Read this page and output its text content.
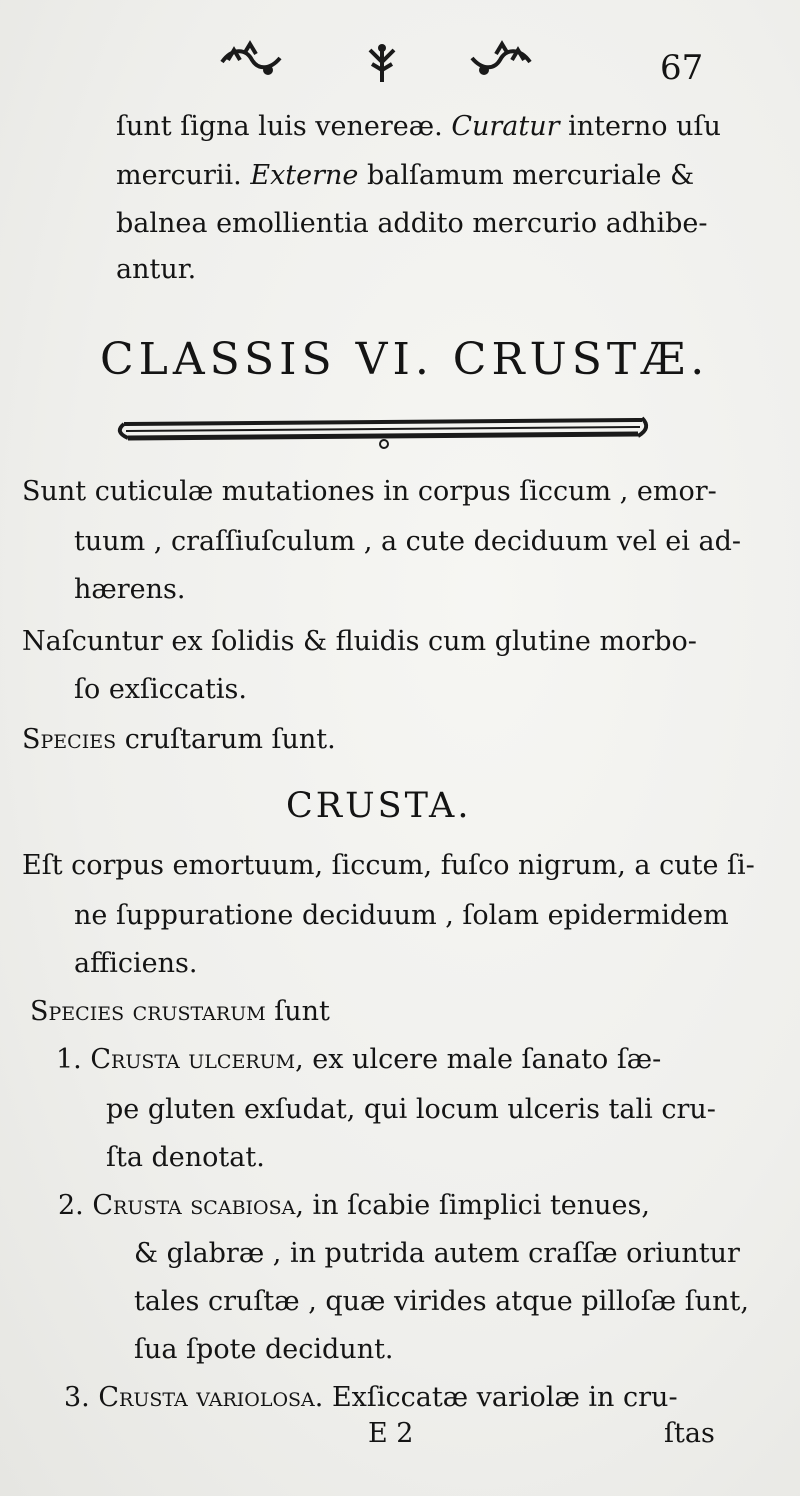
67
ſunt ſigna luis venereæ. Curatur interno uſu
mercurii. Externe balſamum mercuriale &
balnea emollientia addito mercurio adhibe-
antur.
CLASSIS VI. CRUSTÆ.
Sunt cuticulæ mutationes in corpus ſiccum , emor-
tuum , craſſiuſculum , a cute deciduum vel ei ad-
hærens.
Naſcuntur ex ſolidis & fluidis cum glutine morbo-
ſo exſiccatis.
Species cruſtarum ſunt.
CRUSTA.
Eſt corpus emortuum, ſiccum, fuſco nigrum, a cute ſi-
ne ſuppuratione deciduum , ſolam epidermidem
afficiens.
Species crustarum ſunt
1. Crusta ulcerum, ex ulcere male ſanato ſæ-
pe gluten exſudat, qui locum ulceris tali cru-
ſta denotat.
2. Crusta scabiosa, in ſcabie ſimplici tenues,
& glabræ , in putrida autem craſſæ oriuntur
tales cruſtæ , quæ virides atque pilloſæ ſunt,
ſua ſpote decidunt.
3. Crusta variolosa. Exſiccatæ variolæ in cru-
E 2	ſtas
